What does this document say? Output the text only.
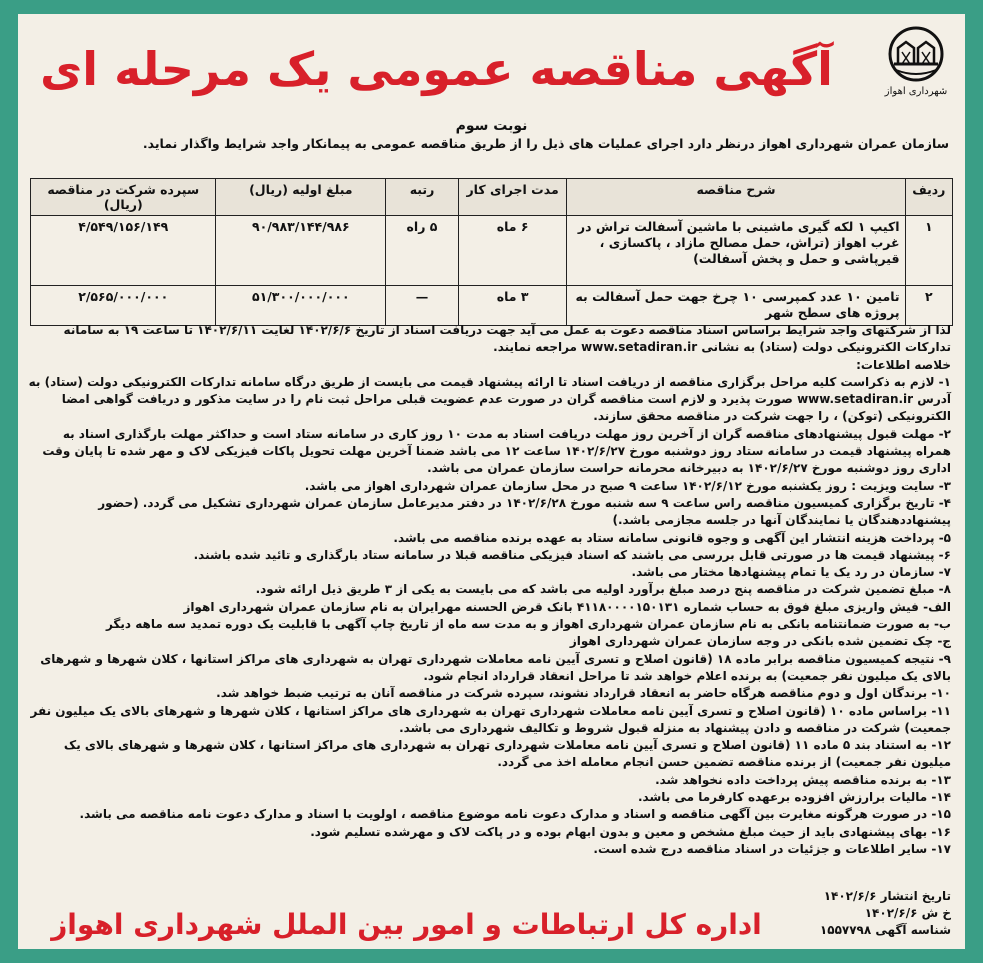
شهرداری اهواز
آگهی مناقصه عمومی یک مرحله ای
نوبت سوم
سازمان عمران شهرداری اهواز درنظر دارد اجرای عملیات های ذیل را از طریق مناقصه عمومی به پیمانکار واجد شرایط واگذار نماید.
ردیف	شرح مناقصه	مدت اجرای کار	رتبه	مبلغ اولیه (ریال)	سپرده شرکت در مناقصه (ریال)
۱	اکیپ ۱ لکه گیری ماشینی با ماشین آسفالت تراش در غرب اهواز (تراش، حمل مصالح مازاد ، پاکسازی ، قیرپاشی و حمل و پخش آسفالت)	۶ ماه	۵ راه	۹۰/۹۸۳/۱۴۴/۹۸۶	۴/۵۴۹/۱۵۶/۱۴۹
۲	تامین ۱۰ عدد کمپرسی ۱۰ چرخ جهت حمل آسفالت به پروژه های سطح شهر	۳ ماه	—	۵۱/۳۰۰/۰۰۰/۰۰۰	۲/۵۶۵/۰۰۰/۰۰۰

لذا از شرکتهای واجد شرایط براساس اسناد مناقصه دعوت به عمل می آید جهت دریافت اسناد از تاریخ ۱۴۰۲/۶/۶ لغایت ۱۴۰۲/۶/۱۱ تا ساعت ۱۹ به سامانه تدارکات الکترونیکی دولت (ستاد) به نشانی www.setadiran.ir مراجعه نمایند.

خلاصه اطلاعات:

۱- لازم به ذکراست کلیه مراحل برگزاری مناقصه از دریافت اسناد تا ارائه پیشنهاد قیمت می بایست از طریق درگاه سامانه تدارکات الکترونیکی دولت (ستاد) به آدرس www.setadiran.ir صورت پذیرد و لازم است مناقصه گران در صورت عدم عضویت قبلی مراحل ثبت نام را در سایت مذکور و دریافت گواهی امضا الکترونیکی (توکن) ، را جهت شرکت در مناقصه محقق سازند.

۲- مهلت قبول پیشنهادهای مناقصه گران از آخرین روز مهلت دریافت اسناد به مدت ۱۰ روز کاری در سامانه ستاد است و حداکثر مهلت بارگذاری اسناد به همراه پیشنهاد قیمت در سامانه ستاد روز دوشنبه مورخ ۱۴۰۲/۶/۲۷ ساعت ۱۲ می باشد ضمنا آخرین مهلت تحویل پاکات فیزیکی لاک و مهر شده تا پایان وقت اداری روز دوشنبه مورخ ۱۴۰۲/۶/۲۷ به دبیرخانه محرمانه حراست سازمان عمران می باشد.

۳- سایت ویزیت : روز یکشنبه مورخ ۱۴۰۲/۶/۱۲ ساعت ۹ صبح در محل سازمان عمران شهرداری اهواز می باشد.

۴- تاریخ برگزاری کمیسیون مناقصه راس ساعت ۹ سه شنبه مورخ ۱۴۰۲/۶/۲۸ در دفتر مدیرعامل سازمان عمران شهرداری تشکیل می گردد. (حضور پیشنهاددهندگان یا نمایندگان آنها در جلسه مجازمی باشد.)

۵- پرداخت هزینه انتشار این آگهی و وجوه قانونی سامانه ستاد به عهده برنده مناقصه می باشد.

۶- پیشنهاد قیمت ها در صورتی قابل بررسی می باشند که اسناد فیزیکی مناقصه قبلا در سامانه ستاد بارگذاری و تائید شده باشند.

۷- سازمان در رد یک یا تمام پیشنهادها مختار می باشد.

۸- مبلغ تضمین شرکت در مناقصه پنج درصد مبلغ برآورد اولیه می باشد که می بایست به یکی از ۳ طریق ذیل ارائه شود.

الف- فیش واریزی مبلغ فوق به حساب شماره ۴۱۱۸۰۰۰۰۱۵۰۱۳۱ بانک قرض الحسنه مهرایران به نام سازمان عمران شهرداری اهواز

ب- به صورت ضمانتنامه بانکی به نام سازمان عمران شهرداری اهواز و به مدت سه ماه از تاریخ چاپ آگهی با قابلیت یک دوره تمدید سه ماهه دیگر

ج- چک تضمین شده بانکی در وجه سازمان عمران شهرداری اهواز

۹- نتیجه کمیسیون مناقصه برابر ماده ۱۸ (قانون اصلاح و تسری آیین نامه معاملات شهرداری تهران به شهرداری های مراکز استانها ، کلان شهرها و شهرهای بالای یک میلیون نفر جمعیت) به برنده اعلام خواهد شد تا مراحل انعقاد قرارداد انجام شود.

۱۰- برندگان اول و دوم مناقصه هرگاه حاضر به انعقاد قرارداد نشوند، سپرده شرکت در مناقصه آنان به ترتیب ضبط خواهد شد.

۱۱- براساس ماده ۱۰ (قانون اصلاح و تسری آیین نامه معاملات شهرداری تهران به شهرداری های مراکز استانها ، کلان شهرها و شهرهای بالای یک میلیون نفر جمعیت) شرکت در مناقصه و دادن پیشنهاد به منزله قبول شروط و تکالیف شهرداری می باشد.

۱۲- به استناد بند ۵ ماده ۱۱ (قانون اصلاح و تسری آیین نامه معاملات شهرداری تهران به شهرداری های مراکز استانها ، کلان شهرها و شهرهای بالای یک میلیون نفر جمعیت) از برنده مناقصه تضمین حسن انجام معامله اخذ می گردد.

۱۳- به برنده مناقصه پیش پرداخت داده نخواهد شد.

۱۴- مالیات برارزش افزوده برعهده کارفرما می باشد.

۱۵- در صورت هرگونه مغایرت بین آگهی مناقصه و اسناد و مدارک دعوت نامه موضوع مناقصه ، اولویت با اسناد و مدارک دعوت نامه مناقصه می باشد.

۱۶- بهای پیشنهادی باید از حیث مبلغ مشخص و معین و بدون ابهام بوده و در پاکت لاک و مهرشده تسلیم شود.

۱۷- سایر اطلاعات و جزئیات در اسناد مناقصه درج شده است.

تاریخ انتشار ۱۴۰۲/۶/۶
خ ش ۱۴۰۲/۶/۶
شناسه آگهی ۱۵۵۷۷۹۸
اداره کل ارتباطات و امور بین الملل شهرداری اهواز
